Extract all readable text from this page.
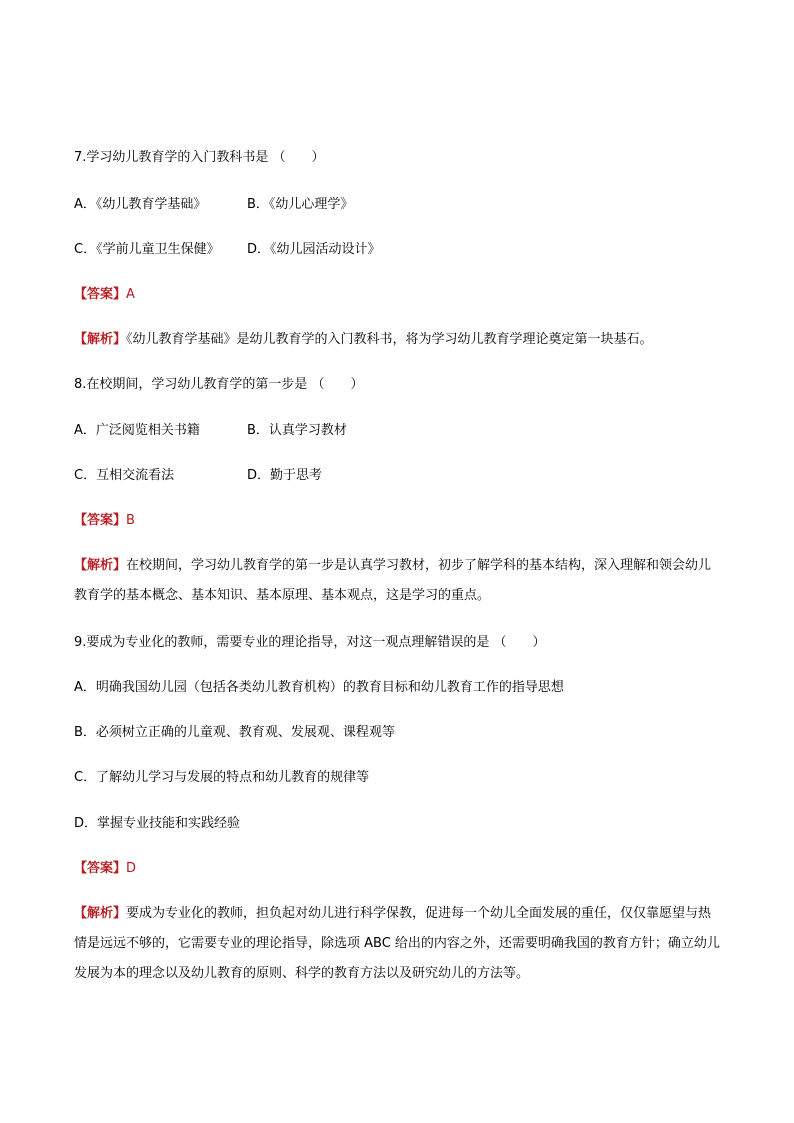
7.学习幼儿教育学的入门教科书是 （　　）
A．《幼儿教育学基础》	B．《幼儿心理学》
C．《学前儿童卫生保健》 D．《幼儿园活动设计》
【答案】A
【解析】《幼儿教育学基础》是幼儿教育学的入门教科书，将为学习幼儿教育学理论奠定第一块基石。
8.在校期间，学习幼儿教育学的第一步是 （　　）
A．广泛阅览相关书籍	B．认真学习教材
C．互相交流看法	D．勤于思考
【答案】B
【解析】在校期间，学习幼儿教育学的第一步是认真学习教材，初步了解学科的基本结构，深入理解和领会幼儿教育学的基本概念、基本知识、基本原理、基本观点，这是学习的重点。
9.要成为专业化的教师，需要专业的理论指导，对这一观点理解错误的是 （　　）
A．明确我国幼儿园（包括各类幼儿教育机构）的教育目标和幼儿教育工作的指导思想
B．必须树立正确的儿童观、教育观、发展观、课程观等
C．了解幼儿学习与发展的特点和幼儿教育的规律等
D．掌握专业技能和实践经验
【答案】D
【解析】要成为专业化的教师，担负起对幼儿进行科学保教，促进每一个幼儿全面发展的重任，仅仅靠愿望与热情是远远不够的，它需要专业的理论指导，除选项 ABC 给出的内容之外，还需要明确我国的教育方针；确立幼儿发展为本的理念以及幼儿教育的原则、科学的教育方法以及研究幼儿的方法等。
